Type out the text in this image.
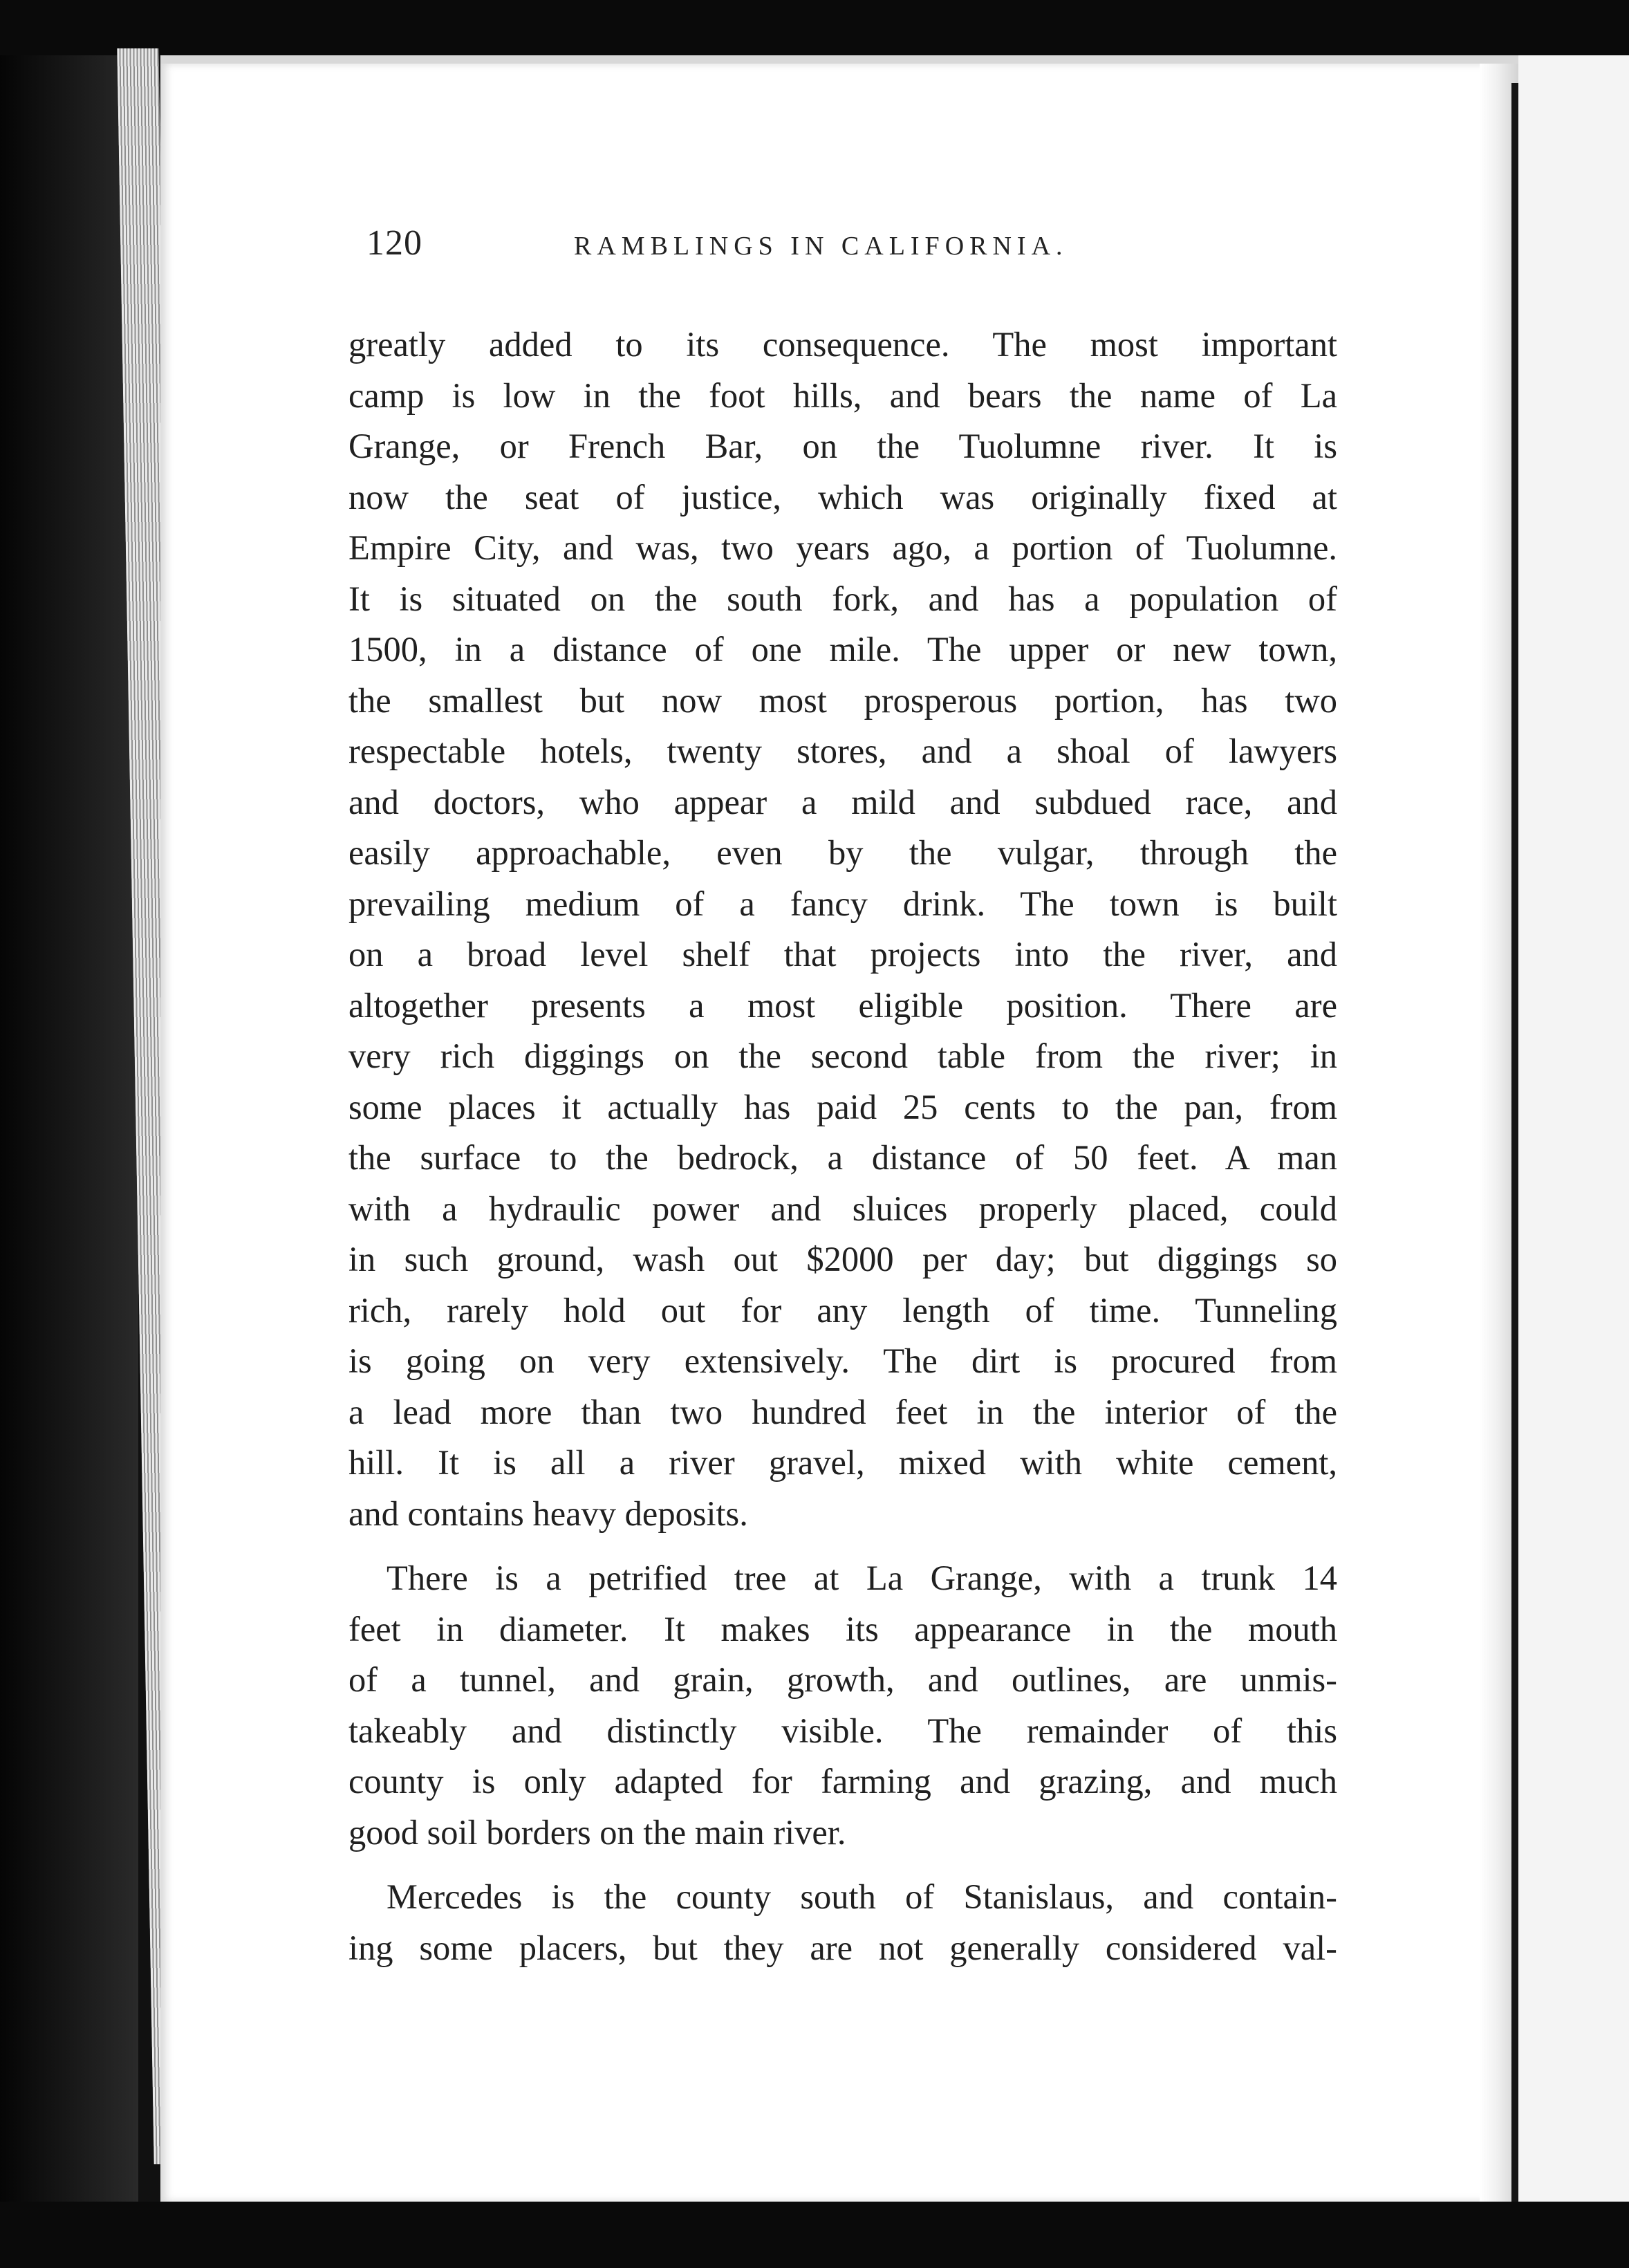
120	RAMBLINGS IN CALIFORNIA.
greatly added to its consequence. The most important
camp is low in the foot hills, and bears the name of La
Grange, or French Bar, on the Tuolumne river. It is
now the seat of justice, which was originally fixed at
Empire City, and was, two years ago, a portion of Tuolumne.
It is situated on the south fork, and has a population of
1500, in a distance of one mile. The upper or new town,
the smallest but now most prosperous portion, has two
respectable hotels, twenty stores, and a shoal of lawyers
and doctors, who appear a mild and subdued race, and
easily approachable, even by the vulgar, through the
prevailing medium of a fancy drink. The town is built
on a broad level shelf that projects into the river, and
altogether presents a most eligible position. There are
very rich diggings on the second table from the river; in
some places it actually has paid 25 cents to the pan, from
the surface to the bedrock, a distance of 50 feet. A man
with a hydraulic power and sluices properly placed, could
in such ground, wash out $2000 per day; but diggings so
rich, rarely hold out for any length of time. Tunneling
is going on very extensively. The dirt is procured from
a lead more than two hundred feet in the interior of the
hill. It is all a river gravel, mixed with white cement,
and contains heavy deposits.
There is a petrified tree at La Grange, with a trunk 14
feet in diameter. It makes its appearance in the mouth
of a tunnel, and grain, growth, and outlines, are unmis-
takeably and distinctly visible. The remainder of this
county is only adapted for farming and grazing, and much
good soil borders on the main river.
Mercedes is the county south of Stanislaus, and contain-
ing some placers, but they are not generally considered val-
